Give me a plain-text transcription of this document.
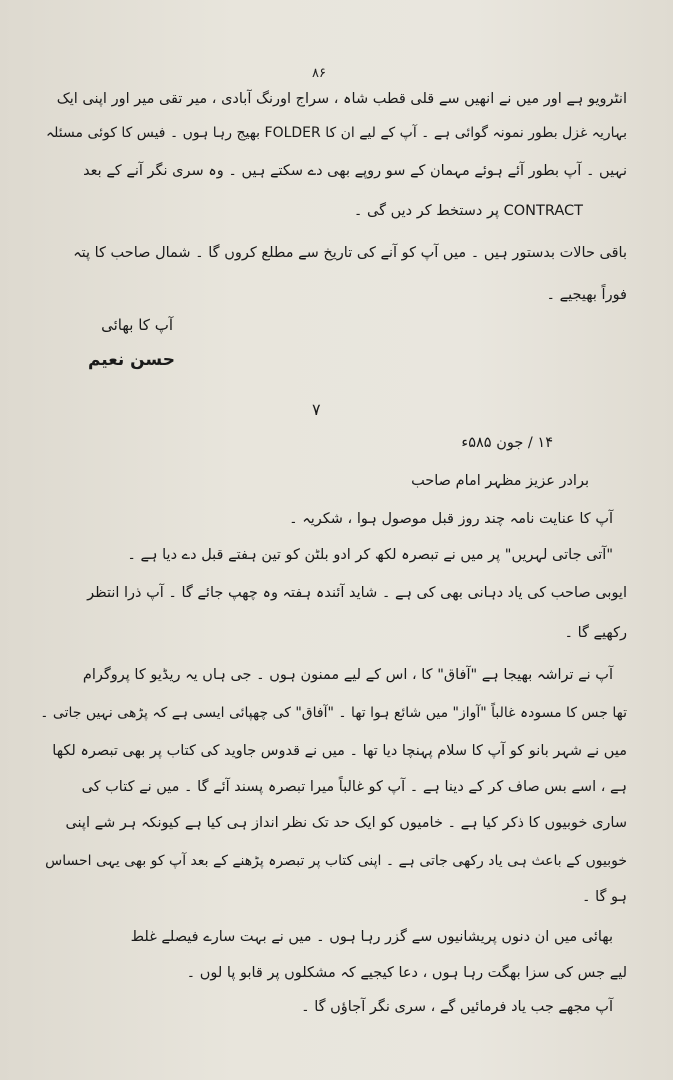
۸۶
انٹرویو ہے اور میں نے انھیں سے قلی قطب شاہ ، سراج اورنگ آبادی ، میر تقی میر اور اپنی ایک
بہاریہ غزل بطور نمونہ گوائی ہے ۔ آپ کے لیے ان کا FOLDER بھیج رہا ہوں ۔ فیس کا کوئی مسئلہ
نہیں ۔ آپ بطور آئے ہوئے مہمان کے سو روپے بھی دے سکتے ہیں ۔ وہ سری نگر آنے کے بعد
CONTRACT پر دستخط کر دیں گی ۔
باقی حالات بدستور ہیں ۔ میں آپ کو آنے کی تاریخ سے مطلع کروں گا ۔ شمال صاحب کا پتہ
فوراً بھیجیے ۔
آپ کا بھائی
حسن نعیم
۷
۱۴ / جون ۵۸۵ء
برادر عزیز مظہر امام صاحب
آپ کا عنایت نامہ چند روز قبل موصول ہوا ، شکریہ ۔
"آتی جاتی لہریں" پر میں نے تبصرہ لکھ کر ادو بلٹن کو تین ہفتے قبل دے دیا ہے ۔
ایوبی صاحب کی یاد دہانی بھی کی ہے ۔ شاید آئندہ ہفتہ وہ چھپ جائے گا ۔ آپ ذرا انتظر
رکھیے گا ۔
آپ نے تراشہ بھیجا ہے "آفاق" کا ، اس کے لیے ممنون ہوں ۔ جی ہاں یہ ریڈیو کا پروگرام
تھا جس کا مسودہ غالباً "آواز" میں شائع ہوا تھا ۔ "آفاق" کی چھپائی ایسی ہے کہ پڑھی نہیں جاتی ۔
میں نے شہر بانو کو آپ کا سلام پہنچا دیا تھا ۔ میں نے قدوس جاوید کی کتاب پر بھی تبصرہ لکھا
ہے ، اسے بس صاف کر کے دینا ہے ۔ آپ کو غالباً میرا تبصرہ پسند آئے گا ۔ میں نے کتاب کی
ساری خوبیوں کا ذکر کیا ہے ۔ خامیوں کو ایک حد تک نظر انداز ہی کیا ہے کیونکہ ہر شے اپنی
خوبیوں کے باعث ہی یاد رکھی جاتی ہے ۔ اپنی کتاب پر تبصرہ پڑھنے کے بعد آپ کو بھی یہی احساس
ہو گا ۔
بھائی میں ان دنوں پریشانیوں سے گزر رہا ہوں ۔ میں نے بہت سارے فیصلے غلط
لیے جس کی سزا بھگت رہا ہوں ، دعا کیجیے کہ مشکلوں پر قابو پا لوں ۔
آپ مجھے جب یاد فرمائیں گے ، سری نگر آجاؤں گا ۔
